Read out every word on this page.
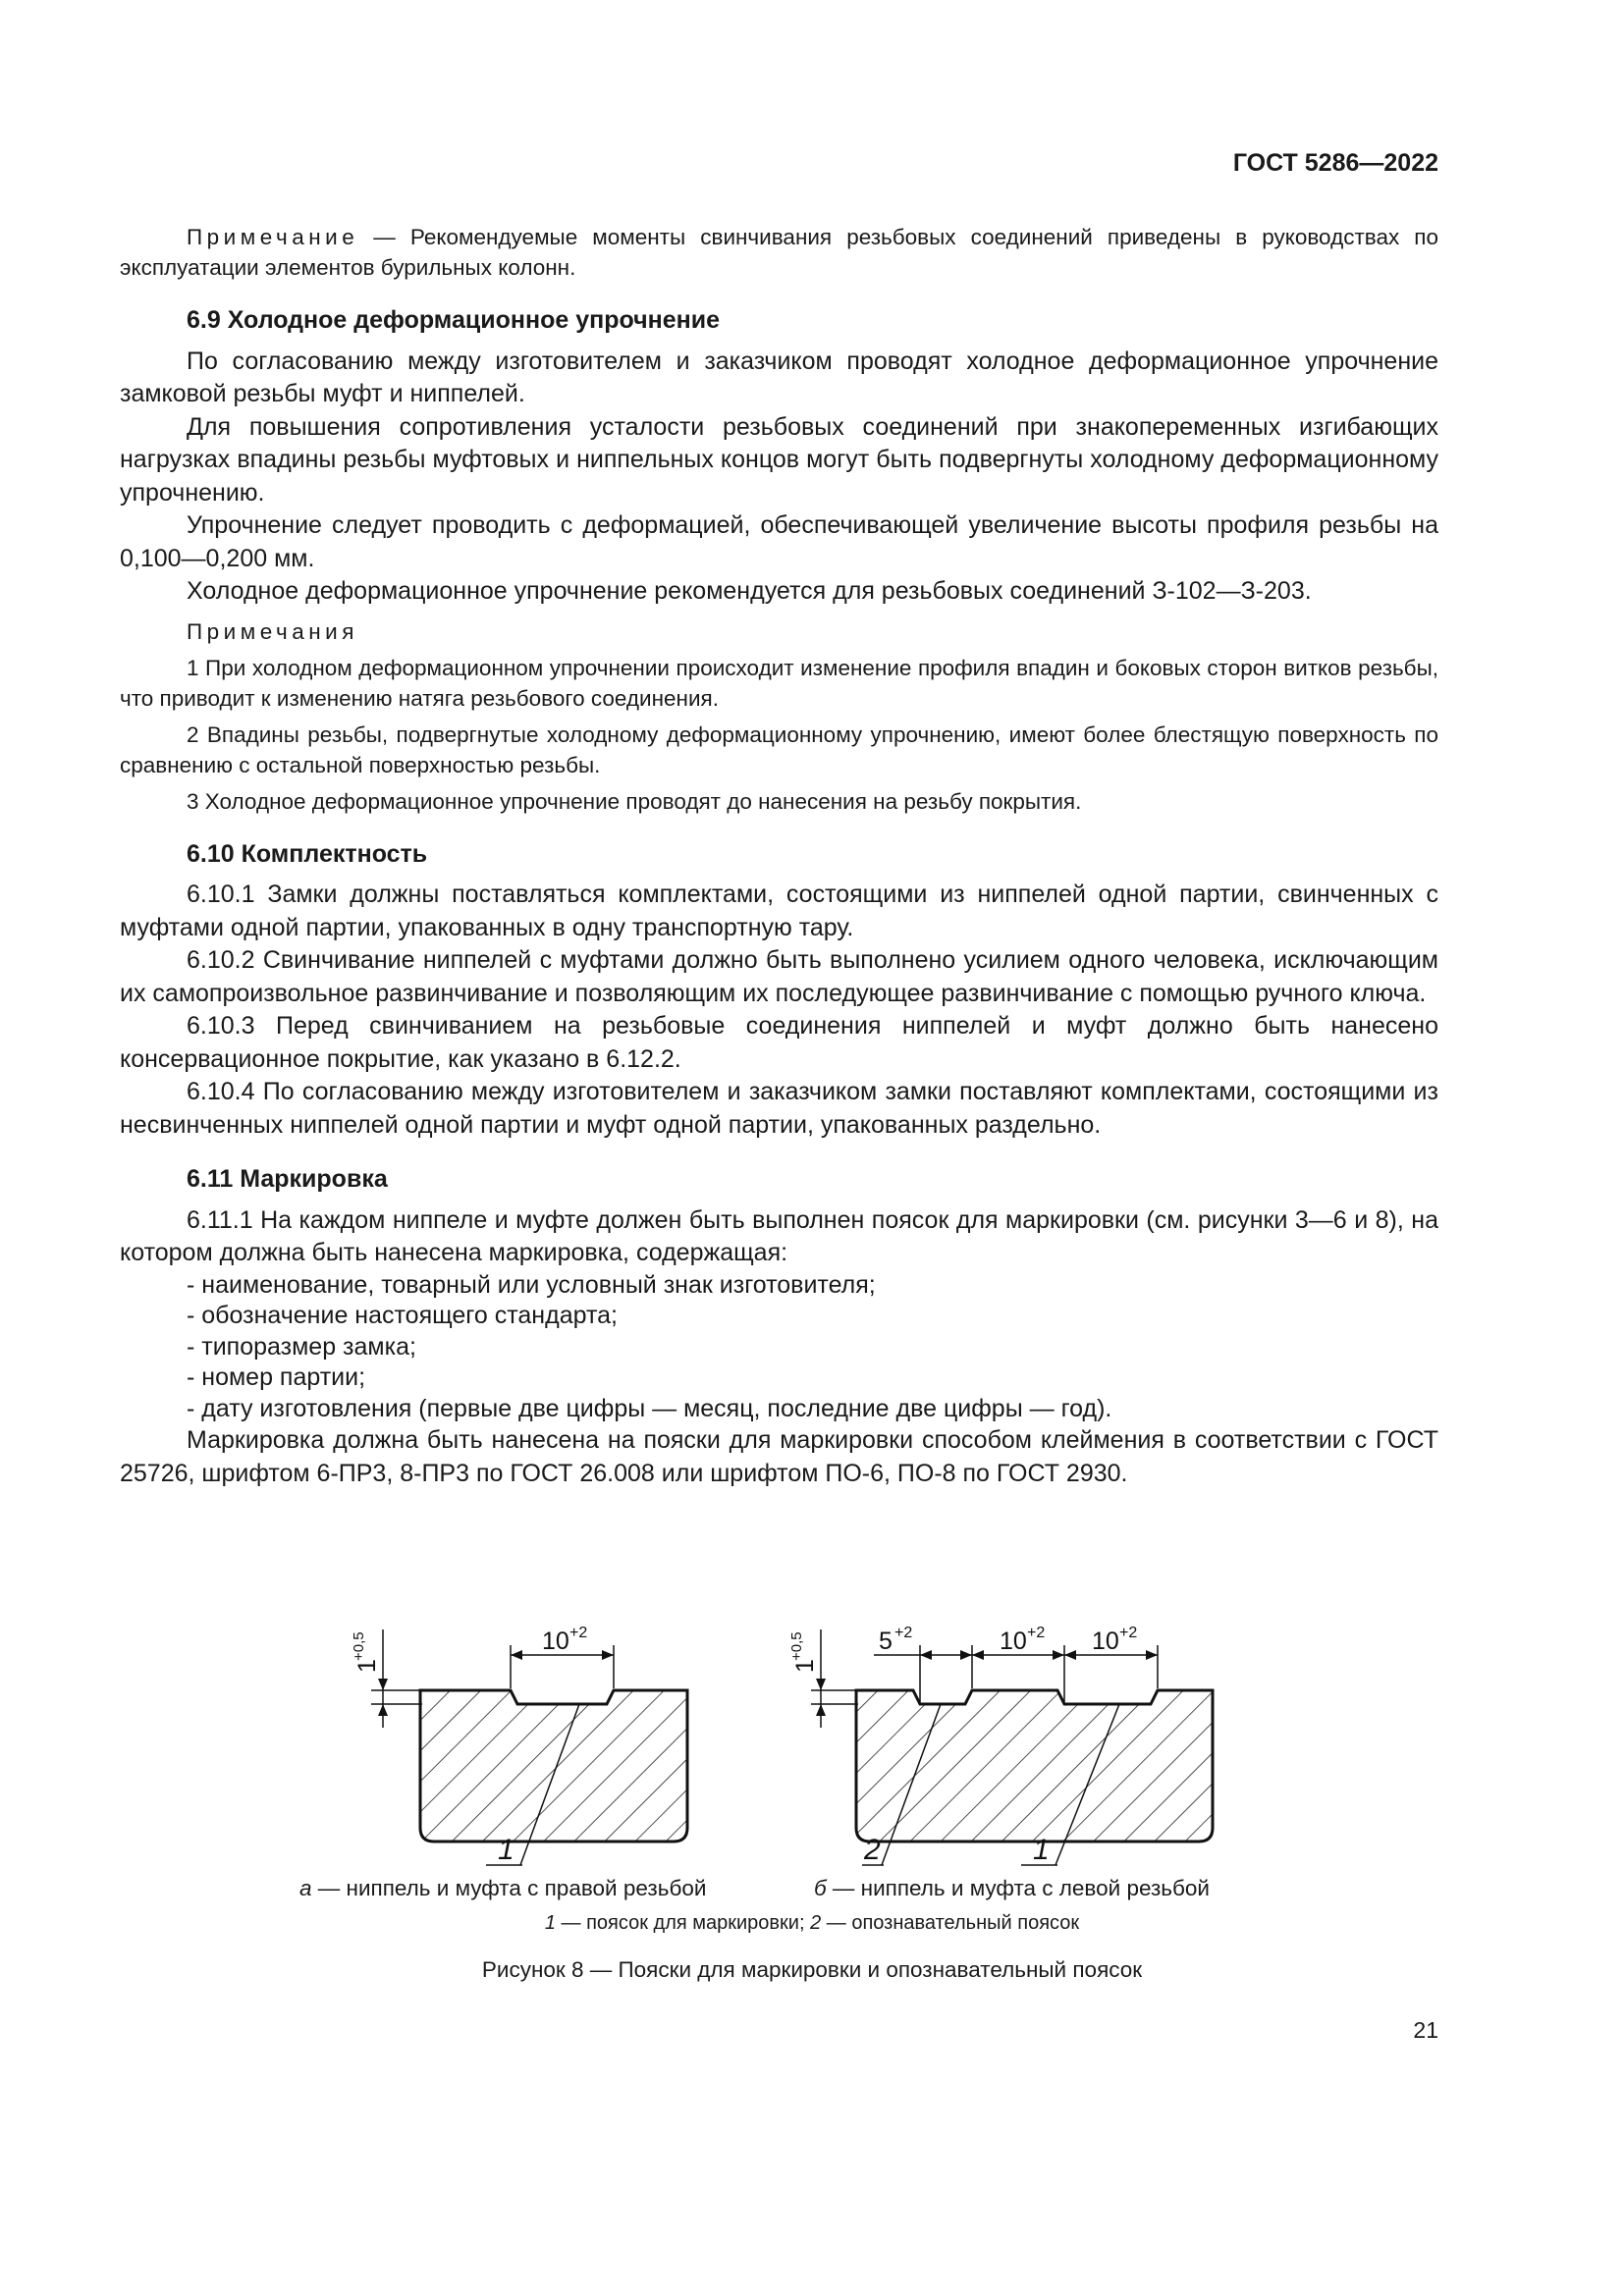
ГОСТ 5286—2022

Примечание — Рекомендуемые моменты свинчивания резьбовых соединений приведены в руководствах по эксплуатации элементов бурильных колонн.

6.9 Холодное деформационное упрочнение

По согласованию между изготовителем и заказчиком проводят холодное деформационное упрочнение замковой резьбы муфт и ниппелей.

Для повышения сопротивления усталости резьбовых соединений при знакопеременных изгибающих нагрузках впадины резьбы муфтовых и ниппельных концов могут быть подвергнуты холодному деформационному упрочнению.

Упрочнение следует проводить с деформацией, обеспечивающей увеличение высоты профиля резьбы на 0,100—0,200 мм.

Холодное деформационное упрочнение рекомендуется для резьбовых соединений З-102—З-203.

Примечания

1 При холодном деформационном упрочнении происходит изменение профиля впадин и боковых сторон витков резьбы, что приводит к изменению натяга резьбового соединения.

2 Впадины резьбы, подвергнутые холодному деформационному упрочнению, имеют более блестящую поверхность по сравнению с остальной поверхностью резьбы.

3 Холодное деформационное упрочнение проводят до нанесения на резьбу покрытия.

6.10 Комплектность

6.10.1 Замки должны поставляться комплектами, состоящими из ниппелей одной партии, свинченных с муфтами одной партии, упакованных в одну транспортную тару.

6.10.2 Свинчивание ниппелей с муфтами должно быть выполнено усилием одного человека, исключающим их самопроизвольное развинчивание и позволяющим их последующее развинчивание с помощью ручного ключа.

6.10.3 Перед свинчиванием на резьбовые соединения ниппелей и муфт должно быть нанесено консервационное покрытие, как указано в 6.12.2.

6.10.4 По согласованию между изготовителем и заказчиком замки поставляют комплектами, состоящими из несвинченных ниппелей одной партии и муфт одной партии, упакованных раздельно.

6.11 Маркировка

6.11.1 На каждом ниппеле и муфте должен быть выполнен поясок для маркировки (см. рисунки 3—6 и 8), на котором должна быть нанесена маркировка, содержащая:

- наименование, товарный или условный знак изготовителя;
- обозначение настоящего стандарта;
- типоразмер замка;
- номер партии;
- дату изготовления (первые две цифры — месяц, последние две цифры — год).

Маркировка должна быть нанесена на пояски для маркировки способом клеймения в соответствии с ГОСТ 25726, шрифтом 6-ПР3, 8-ПР3 по ГОСТ 26.008 или шрифтом ПО-6, ПО-8 по ГОСТ 2930.

1
+0,5	10 +2
1
1
+0,5	5 +2	10 +2 10 +2
2	1
а — ниппель и муфта с правой резьбой	б — ниппель и муфта с левой резьбой
1 — поясок для маркировки; 2 — опознавательный поясок
Рисунок 8 — Пояски для маркировки и опознавательный поясок
21
